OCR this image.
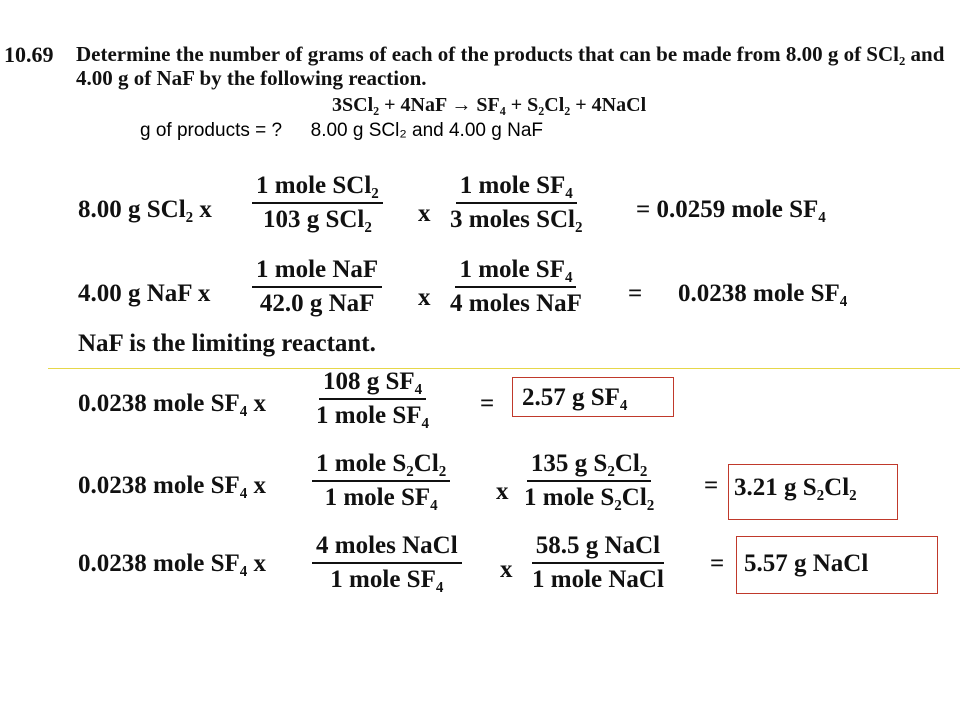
10.69 Determine the number of grams of each of the products that can be made from 8.00 g of SCl₂ and
4.00 g of NaF by the following reaction.
3SCl₂ + 4NaF → SF₄ + S₂Cl₂ + 4NaCl
g of products = ? 8.00 g SCl₂ and 4.00 g NaF
8.00 g SCl₂ x
1 mole SCl₂
103 g SCl₂ x
1 mole SF₄
3 moles SCl₂ = 0.0259 mole SF₄
4.00 g NaF x
1 mole NaF
42.0 g NaF x
1 mole SF₄
4 moles NaF = 0.0238 mole SF₄
NaF is the limiting reactant.
0.0238 mole SF₄ x
108 g SF₄
1 mole SF₄ = 2.57 g SF₄
0.0238 mole SF₄ x
1 mole S₂Cl₂
1 mole SF₄ x
135 g S₂Cl₂
1 mole S₂Cl₂ = 3.21 g S₂Cl₂
0.0238 mole SF₄ x
4 moles NaCl
1 mole SF₄ x
58.5 g NaCl
1 mole NaCl
= 5.57 g NaCl
